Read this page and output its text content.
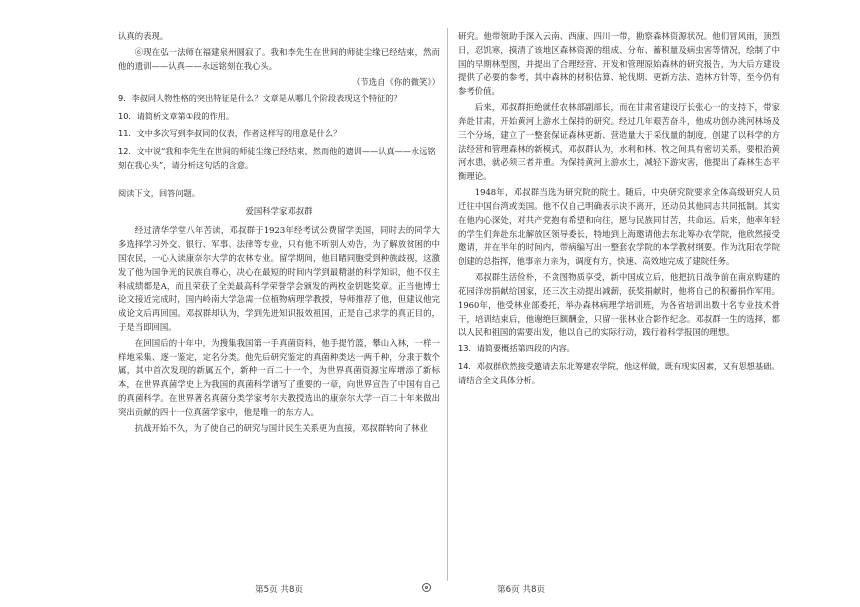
认真的表现。

⑥现在弘一法师在福建泉州圆寂了。我和李先生在世间的师徒尘缘已经结束，然而他的遗训——认真——永远铭刻在我心头。

（节选自《你的微笑》）

9．李叔同人物性格的突出特征是什么？文章是从哪几个阶段表现这个特征的？

10．请简析文章第①段的作用。

11．文中多次写到李叔同的仪表，作者这样写的用意是什么？

12．文中说“我和李先生在世间的师徒尘缘已经结束，然而他的遗训——认真——永远铭刻在我心头”，请分析这句话的含意。

阅读下文，回答问题。

爱国科学家邓叔群

经过清华学堂八年苦读，邓叔群于1923年经考试公费留学美国，同时去的同学大多选择学习外交、银行、军事、法律等专业，只有他不听别人劝告，为了解放贫困的中国农民，一心入读康奈尔大学的农林专业。留学期间，他目睹同胞受到种族歧视，这激发了他为国争光的民族自尊心，决心在最短的时间内学到最精湛的科学知识，他不仅主科成绩都是A，而且荣获了全美最高科学荣誉学会颁发的两枚金钥匙奖章。正当他博士论文接近完成时，国内岭南大学急需一位植物病理学教授，导师推荐了他，但建议他完成论文后再回国。邓叔群却认为，学到先进知识报效祖国，正是自己求学的真正目的，于是当即回国。

在回国后的十年中，为搜集我国第一手真菌资料，他手提竹篮，攀山入林，一样一样地采集、逐一鉴定，定名分类。他先后研究鉴定的真菌种类达一两千种，分隶于数个属，其中首次发现的新属五个，新种一百二十一个，为世界真菌资源宝库增添了新标本，在世界真菌学史上为我国的真菌科学谱写了重要的一章，向世界宣告了中国有自己的真菌科学。在世界著名真菌分类学家考尔夫教授选出的康奈尔大学一百二十年来做出突出贡献的四十一位真菌学家中，他是唯一的东方人。

抗战开始不久，为了使自己的研究与国计民生关系更为直接，邓叔群转向了林业

研究。他带领助手深入云南、西康、四川一带，勘察森林资源状况。他们冒风雨，顶烈日，忍饥寒，摸清了该地区森林资源的组成、分布、蓄积量及病虫害等情况，绘制了中国的早期林型图，并提出了合理经营、开发和管理原始森林的研究报告，为大后方建设提供了必要的参考，其中森林的材积估算、轮伐期、更新方法、造林方针等，至今仍有参考价值。

后来，邓叔群拒绝就任农林部副部长，而在甘肃省建设厅长张心一的支持下，带家奔赴甘肃，开始黄河上游水土保持的研究。经过几年艰苦奋斗，他成功创办洮河林场及三个分场，建立了一整套保证森林更新、营造量大于采伐量的制度，创建了以科学的方法经营和管理森林的新模式，邓叔群认为，水利和林、牧之间具有密切关系，要根治黄河水患，就必须三者并重。为保持黄河上游水土，减轻下游灾害，他提出了森林生态平衡理论。

1948年，邓叔群当选为研究院的院士。随后，中央研究院要求全体高级研究人员迁往中国台湾或美国。他不仅自己明确表示决不离开，还动员其他同志共同抵制。其实在他内心深处，对共产党抱有希望和向往，愿与民族同甘苦，共命运。后来，他率年轻的学生们奔赴东北解放区领导委长，特地到上海邀请他去东北筹办农学院，他欣然接受邀请，并在半年的时间内，带病编写出一整套农学院的本学教材纲要。作为沈阳农学院创建的总指挥，他事亲力亲为，调度有方，快速、高效地完成了建院任务。

邓叔群生活俭朴，不贪图物质享受，新中国成立后，他把抗日战争前在南京购建的花园洋房捐献给国家，还三次主动提出减薪，获奖捐献时，他将自己的积蓄捐作军用。1960年，他受林业部委托，举办森林病理学培训班，为各省培训出数十名专业技术骨干，培训结束后，他谢绝巨额酬金，只留一张林业合影作纪念。邓叔群一生的选择，都以人民和祖国的需要出发，他以自己的实际行动，践行着科学报国的理想。

13．请简要概括第四段的内容。

14．邓叔群欣然接受邀请去东北筹建农学院，他这样做，既有现实因素，又有思想基础。请结合全文具体分析。

第5页 共8页	第6页 共8页
